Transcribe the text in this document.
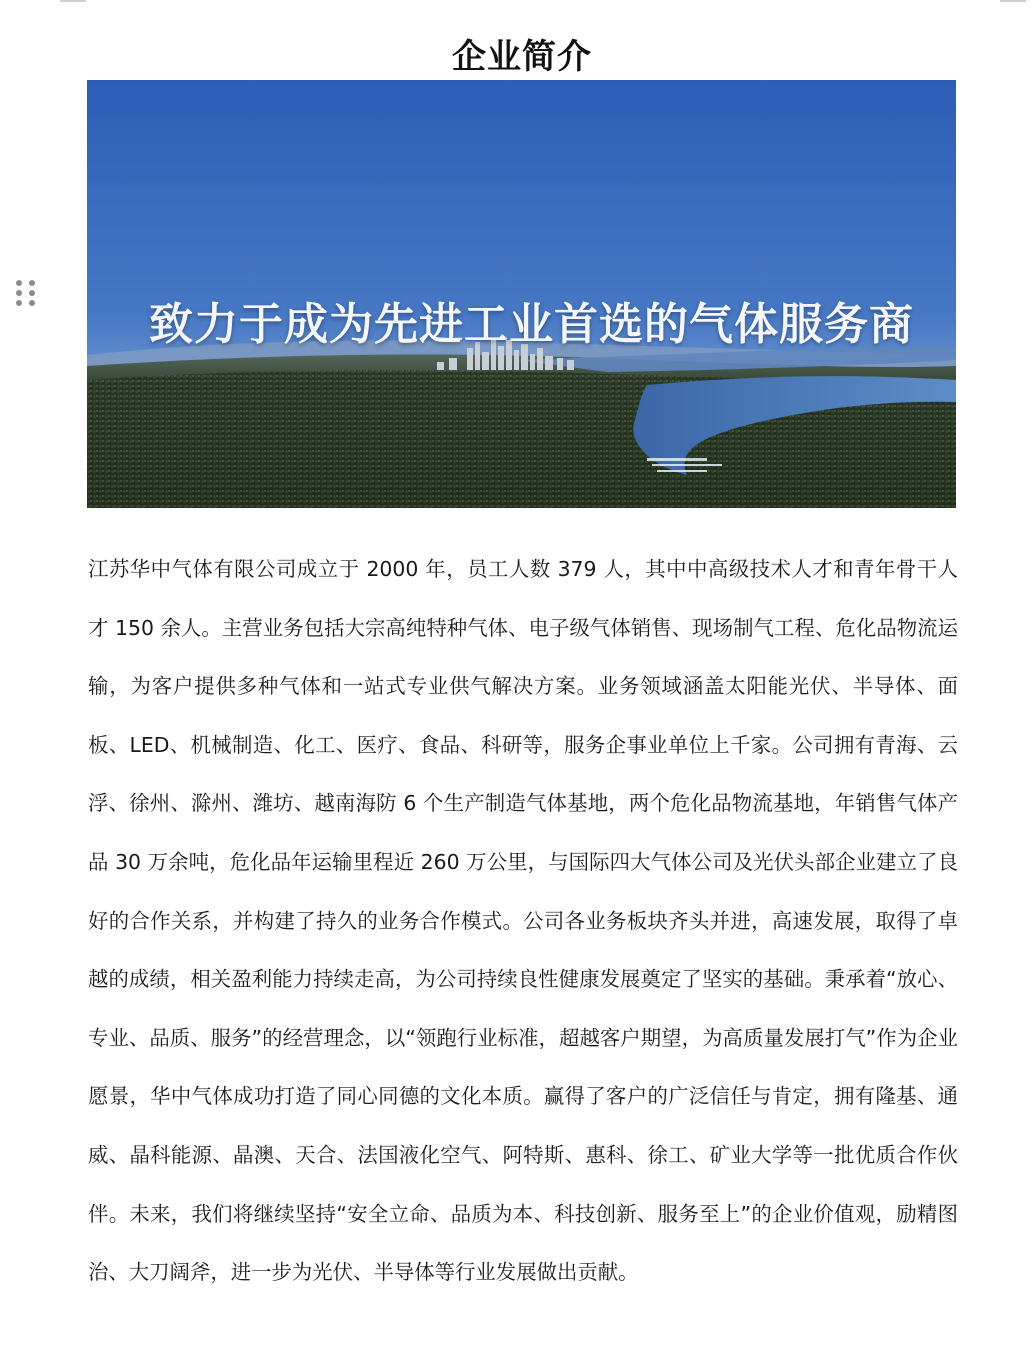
企业简介
致力于成为先进工业首选的气体服务商

江苏华中气体有限公司成立于 2000 年，员工人数 379 人，其中中高级技术人才和青年骨干人才 150 余人。主营业务包括大宗高纯特种气体、电子级气体销售、现场制气工程、危化品物流运输，为客户提供多种气体和一站式专业供气解决方案。业务领域涵盖太阳能光伏、半导体、面板、LED、机械制造、化工、医疗、食品、科研等，服务企事业单位上千家。公司拥有青海、云浮、徐州、滁州、潍坊、越南海防 6 个生产制造气体基地，两个危化品物流基地，年销售气体产品 30 万余吨，危化品年运输里程近 260 万公里，与国际四大气体公司及光伏头部企业建立了良好的合作关系，并构建了持久的业务合作模式。公司各业务板块齐头并进，高速发展，取得了卓越的成绩，相关盈利能力持续走高，为公司持续良性健康发展奠定了坚实的基础。秉承着“放心、专业、品质、服务”的经营理念，以“领跑行业标准，超越客户期望，为高质量发展打气”作为企业愿景，华中气体成功打造了同心同德的文化本质。赢得了客户的广泛信任与肯定，拥有隆基、通威、晶科能源、晶澳、天合、法国液化空气、阿特斯、惠科、徐工、矿业大学等一批优质合作伙伴。未来，我们将继续坚持“安全立命、品质为本、科技创新、服务至上”的企业价值观，励精图治、大刀阔斧，进一步为光伏、半导体等行业发展做出贡献。
